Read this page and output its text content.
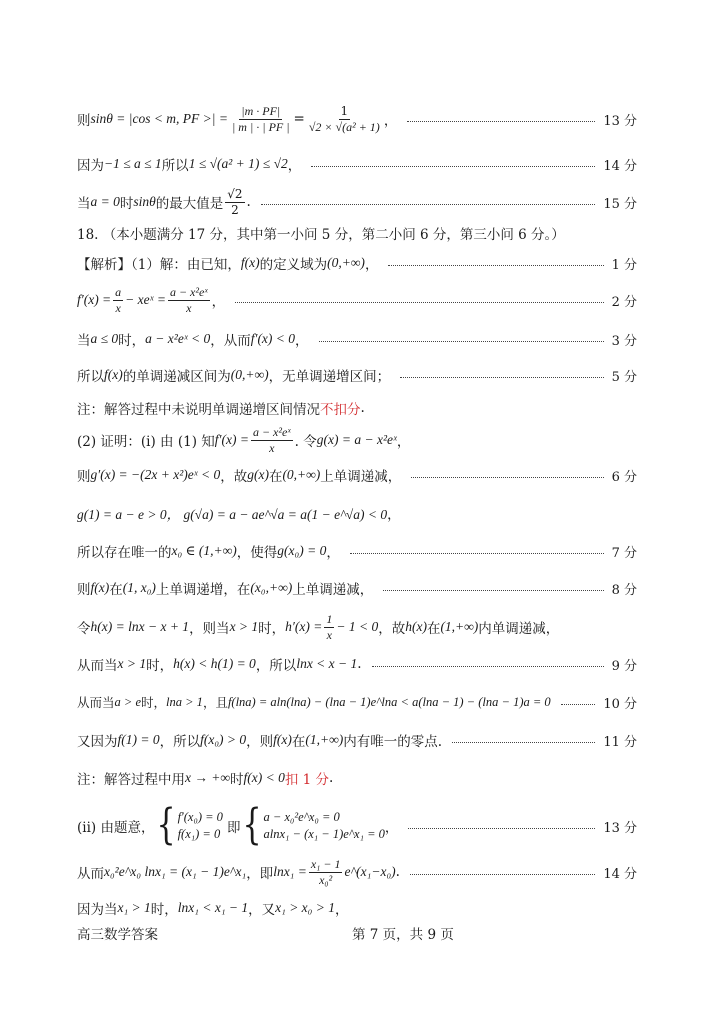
则 sinθ = |cos < m, PF >| = $\frac{|m \cdot PF|}{| m | \cdot | PF |} = \frac{1}{\text{√2 × √(a² + 1)}}$ ，	13 分
因为 −1 ≤ a ≤ 1 所以 1 ≤ √(a² + 1) ≤ √2 ，	14 分
当 a = 0 时 sinθ 的最大值是 $\frac{√2}{2}$ .	15 分
18. （本小题满分 17 分，其中第一小问 5 分，第二小问 6 分，第三小问 6 分。）
【解析】（1）解：由已知， f(x) 的定义域为 (0,+∞) ，	1 分
$f'(x) = \frac{a}{x}$ − xeˣ = $\frac{\text{a − x²eˣ}}{x}$ ，	2 分
当 a ≤ 0 时， a − x²eˣ < 0 ，从而 f′(x) < 0 ，	3 分
所以 f(x) 的单调递减区间为 (0,+∞) ，无单调递增区间；	5 分
注：解答过程中未说明单调递增区间情况 不扣分 .
(2) 证明：(i) 由 (1) 知 $f'(x) = \frac{\text{a − x²eˣ}}{x}$ . 令 g(x) = a − x²eˣ ，
则 g′(x) = −(2x + x²)eˣ < 0 ，故 g(x) 在 (0,+∞) 上单调递减，	6 分
g(1) = a − e > 0， g(√a) = a − ae^√a = a(1 − e^√a) < 0 ，
所以存在唯一的 x₀ ∈ (1,+∞) ，使得 g(x₀) = 0 ，	7 分
则 f(x) 在 (1, x₀) 上单调递增，在 (x₀,+∞) 上单调递减，	8 分
令 h(x) = lnx − x + 1 ，则当 x > 1 时， $h'(x) = \frac{1}{x} - 1 < 0$ ，故 h(x) 在 (1,+∞) 内单调递减，
从而当 x > 1 时， h(x) < h(1) = 0 ，所以 lnx < x − 1 .	9 分
从而当 a > e 时， lna > 1 ，且 f(lna) = aln(lna) − (lna − 1)e^lna < a(lna − 1) − (lna − 1)a = 0	10 分
又因为 f(1) = 0 ，所以 f(x₀) > 0 ，则 f(x) 在 (1,+∞) 内有唯一的零点.	11 分
注：解答过程中用 x → +∞ 时 f(x) < 0 扣 1 分 .
(ii) 由题意， { f′(x₀) = 0
f(x₁) = 0 即 { a − x₀²e^x₀ = 0
alnx₁ − (x₁ − 1)e^x₁ = 0 ，	13 分
从而 x₀²e^x₀ lnx₁ = (x₁ − 1)e^x₁ ，即 $\ln x_1 = \frac{\text{x₁ − 1}}{\text{x₀²}}$ e^(x₁−x₀) .	14 分
因为当 x₁ > 1 时， lnx₁ < x₁ − 1 ，又 x₁ > x₀ > 1 ，
高三数学答案	第 7 页，共 9 页
